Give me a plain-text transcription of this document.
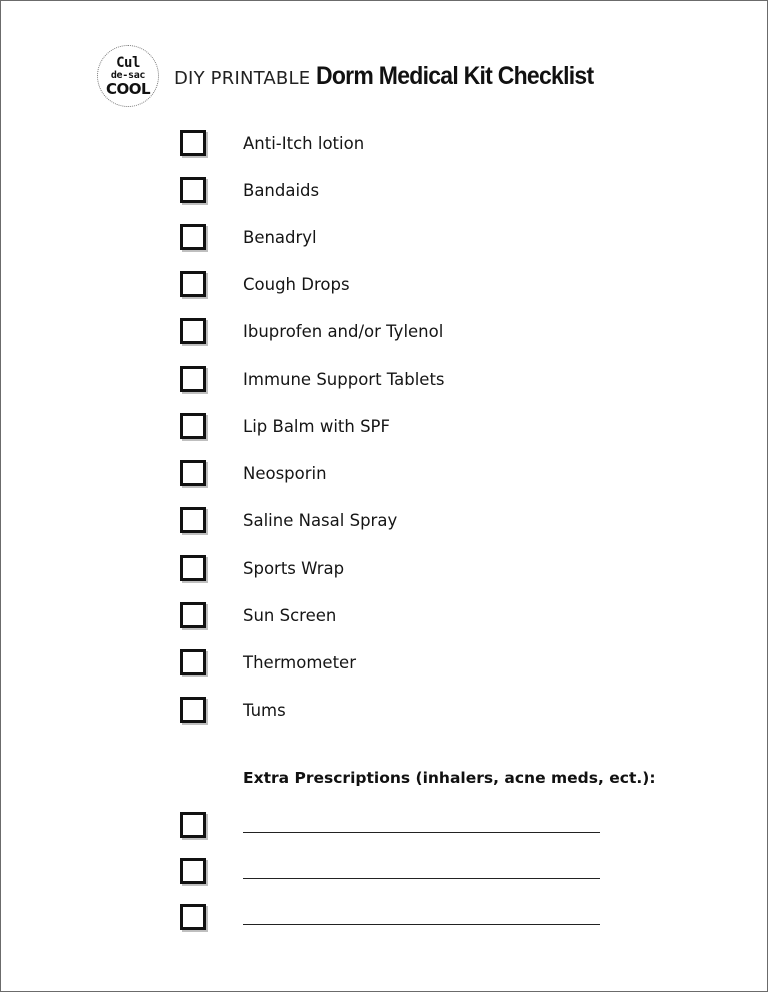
Cul
de-sac
COOL DIY PRINTABLE Dorm Medical Kit Checklist
Anti-Itch lotion
Bandaids
Benadryl
Cough Drops
Ibuprofen and/or Tylenol
Immune Support Tablets
Lip Balm with SPF
Neosporin
Saline Nasal Spray
Sports Wrap
Sun Screen
Thermometer
Tums
Extra Prescriptions (inhalers, acne meds, ect.):
